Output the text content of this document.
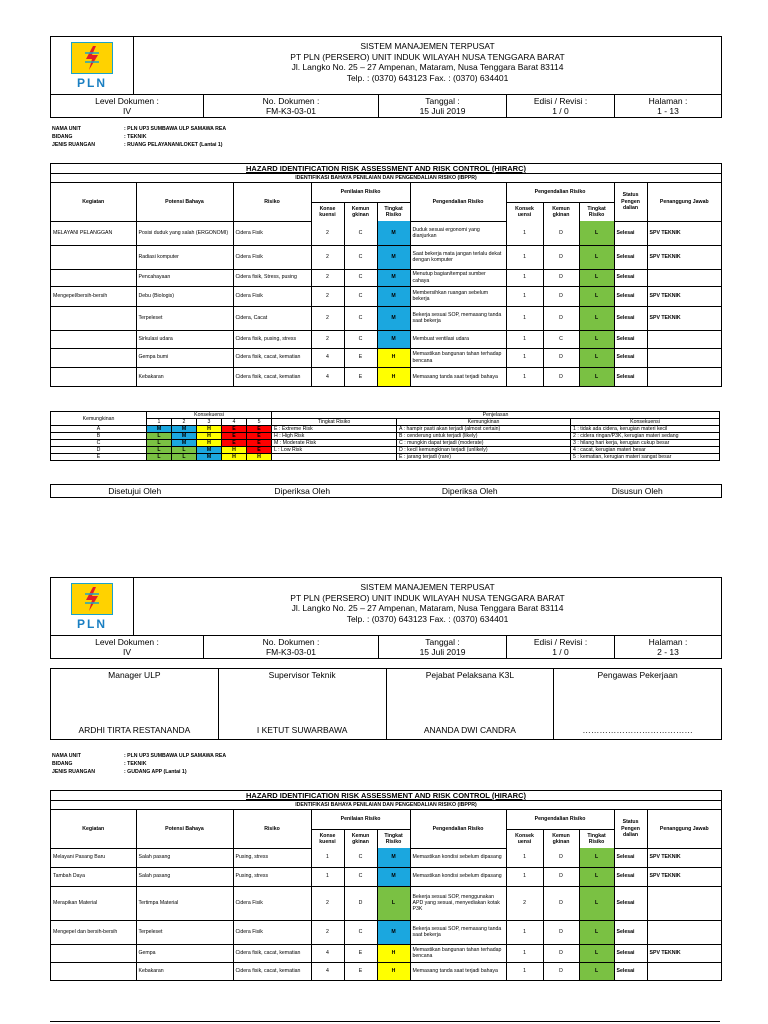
PLN
SISTEM MANAJEMEN TERPUSAT
PT PLN (PERSERO) UNIT INDUK WILAYAH NUSA TENGGARA BARAT
Jl. Langko No. 25 – 27 Ampenan, Mataram, Nusa Tenggara Barat 83114
Telp. : (0370) 643123 Fax. : (0370) 634401
Level Dokumen :
IV
No. Dokumen :
FM-K3-03-01
Tanggal :
15 Juli 2019
Edisi / Revisi :
1 / 0
Halaman :
1 - 13
NAMA UNIT	: PLN UP3 SUMBAWA ULP SAMAWA REA
BIDANG	: TEKNIK
JENIS RUANGAN	: RUANG PELAYANAN/LOKET (Lantai 1)
HAZARD IDENTIFICATION RISK ASSESSMENT AND RISK CONTROL (HIRARC)
IDENTIFIKASI BAHAYA PENILAIAN DAN PENGENDALIAN RISIKO (IBPPR)
Kegiatan	Potensi Bahaya	Risiko	Penilaian Risiko			Pengendalian Risiko	Pengendalian Risiko			Status Pengen dalian	Penanggung Jawab
			Konse kuensi	Kemun gkinan	Tingkat Risiko		Konsek uensi	Kemun gkinan	Tingkat Risiko		
MELAYANI PELANGGAN	Posisi duduk yang salah (ERGONOMI)	Cidera Fisik	2	C	M	Duduk sesuai ergonomi yang dianjurkan	1	D	L	Selesai	SPV TEKNIK
	Radiasi komputer	Cidera Fisik	2	C	M	Saat bekerja mata jangan terlalu dekat dengan komputer	1	D	L	Selesai	SPV TEKNIK
	Pencahayaan	Cidera fisik, Stress, pusing	2	C	M	Menutup bagian/tempat sumber cahaya	1	D	L	Selesai	
Mengepel/bersih-bersih	Debu (Biologis)	Cidera Fisik	2	C	M	Membersihkan ruangan sebelum bekerja	1	D	L	Selesai	SPV TEKNIK
	Terpeleset	Cidera, Cacat	2	C	M	Bekerja sesuai SOP, memasang tanda saat bekerja	1	D	L	Selesai	SPV TEKNIK
	Sirkulasi udara	Cidera fisik, pusing, stress	2	C	M	Membuat ventilasi udara	1	C	L	Selesai	
	Gempa bumi	Cidera fisik, cacat, kematian	4	E	H	Memastikan bangunan tahan terhadap bencana	1	D	L	Selesai	
	Kebakaran	Cidera fisik, cacat, kematian	4	E	H	Memasang tanda saat terjadi bahaya	1	D	L	Selesai	
Kemungkinan	Konsekuensi					Penjelasan		
	1	2	3	4	5	Tingkat Risiko	Kemungkinan	Konsekuensi
A	M	M	H	E	E	E : Extreme Risk	A : hampir pasti akan terjadi (almost certain)	1 : tidak ada cidera, kerugian materi kecil
B	L	M	H	E	E	H : High Risk	B : cenderung untuk terjadi (likely)	2 : cidera ringan/P3K, kerugian materi sedang
C	L	M	H	E	E	M : Moderate Risk	C : mungkin dapat terjadi (moderate)	3 : hilang hari kerja, kerugian cukup besar
D	L	L	M	H	E	L : Low Risk	D : kecil kemungkinan terjadi (unlikely)	4 : cacat, kerugian materi besar
E	L	L	M	H	H		E : jarang terjadi (rare)	5 : kematian, kerugian materi sangat besar
Disetujui Oleh	Diperiksa Oleh	Diperiksa Oleh	Disusun Oleh
PLN
SISTEM MANAJEMEN TERPUSAT
PT PLN (PERSERO) UNIT INDUK WILAYAH NUSA TENGGARA BARAT
Jl. Langko No. 25 – 27 Ampenan, Mataram, Nusa Tenggara Barat 83114
Telp. : (0370) 643123 Fax. : (0370) 634401
Level Dokumen :
IV
No. Dokumen :
FM-K3-03-01
Tanggal :
15 Juli 2019
Edisi / Revisi :
1 / 0
Halaman :
2 - 13
Manager ULP
ARDHI TIRTA RESTANANDA
Supervisor Teknik
I KETUT SUWARBAWA
Pejabat Pelaksana K3L
ANANDA DWI CANDRA
Pengawas Pekerjaan
…………………………………
NAMA UNIT	: PLN UP3 SUMBAWA ULP SAMAWA REA
BIDANG	: TEKNIK
JENIS RUANGAN	: GUDANG APP (Lantai 1)
HAZARD IDENTIFICATION RISK ASSESSMENT AND RISK CONTROL (HIRARC)
IDENTIFIKASI BAHAYA PENILAIAN DAN PENGENDALIAN RISIKO (IBPPR)
Kegiatan	Potensi Bahaya	Risiko	Penilaian Risiko			Pengendalian Risiko	Pengendalian Risiko			Status Pengen dalian	Penanggung Jawab
			Konse kuensi	Kemun gkinan	Tingkat Risiko		Konsek uensi	Kemun gkinan	Tingkat Risiko		
Melayani Pasang Baru	Salah pasang	Pusing, stress	1	C	M	Memastikan kondisi sebelum dipasang	1	D	L	Selesai	SPV TEKNIK
Tambah Daya	Salah pasang	Pusing, stress	1	C	M	Memastikan kondisi sebelum dipasang	1	D	L	Selesai	SPV TEKNIK
Merapikan Material	Tertimpa Material	Cidera Fisik	2	D	L	Bekerja sesuai SOP, menggunakan APD yang sesuai, menyediakan kotak P3K	2	D	L	Selesai	
Mengepel dan bersih-bersih	Terpeleset	Cidera Fisik	2	C	M	Bekerja sesuai SOP, memasang tanda saat bekerja	1	D	L	Selesai	
	Gempa	Cidera fisik, cacat, kematian	4	E	H	Memastikan bangunan tahan terhadap bencana	1	D	L	Selesai	SPV TEKNIK
	Kebakaran	Cidera fisik, cacat, kematian	4	E	H	Memasang tanda saat terjadi bahaya	1	D	L	Selesai	
